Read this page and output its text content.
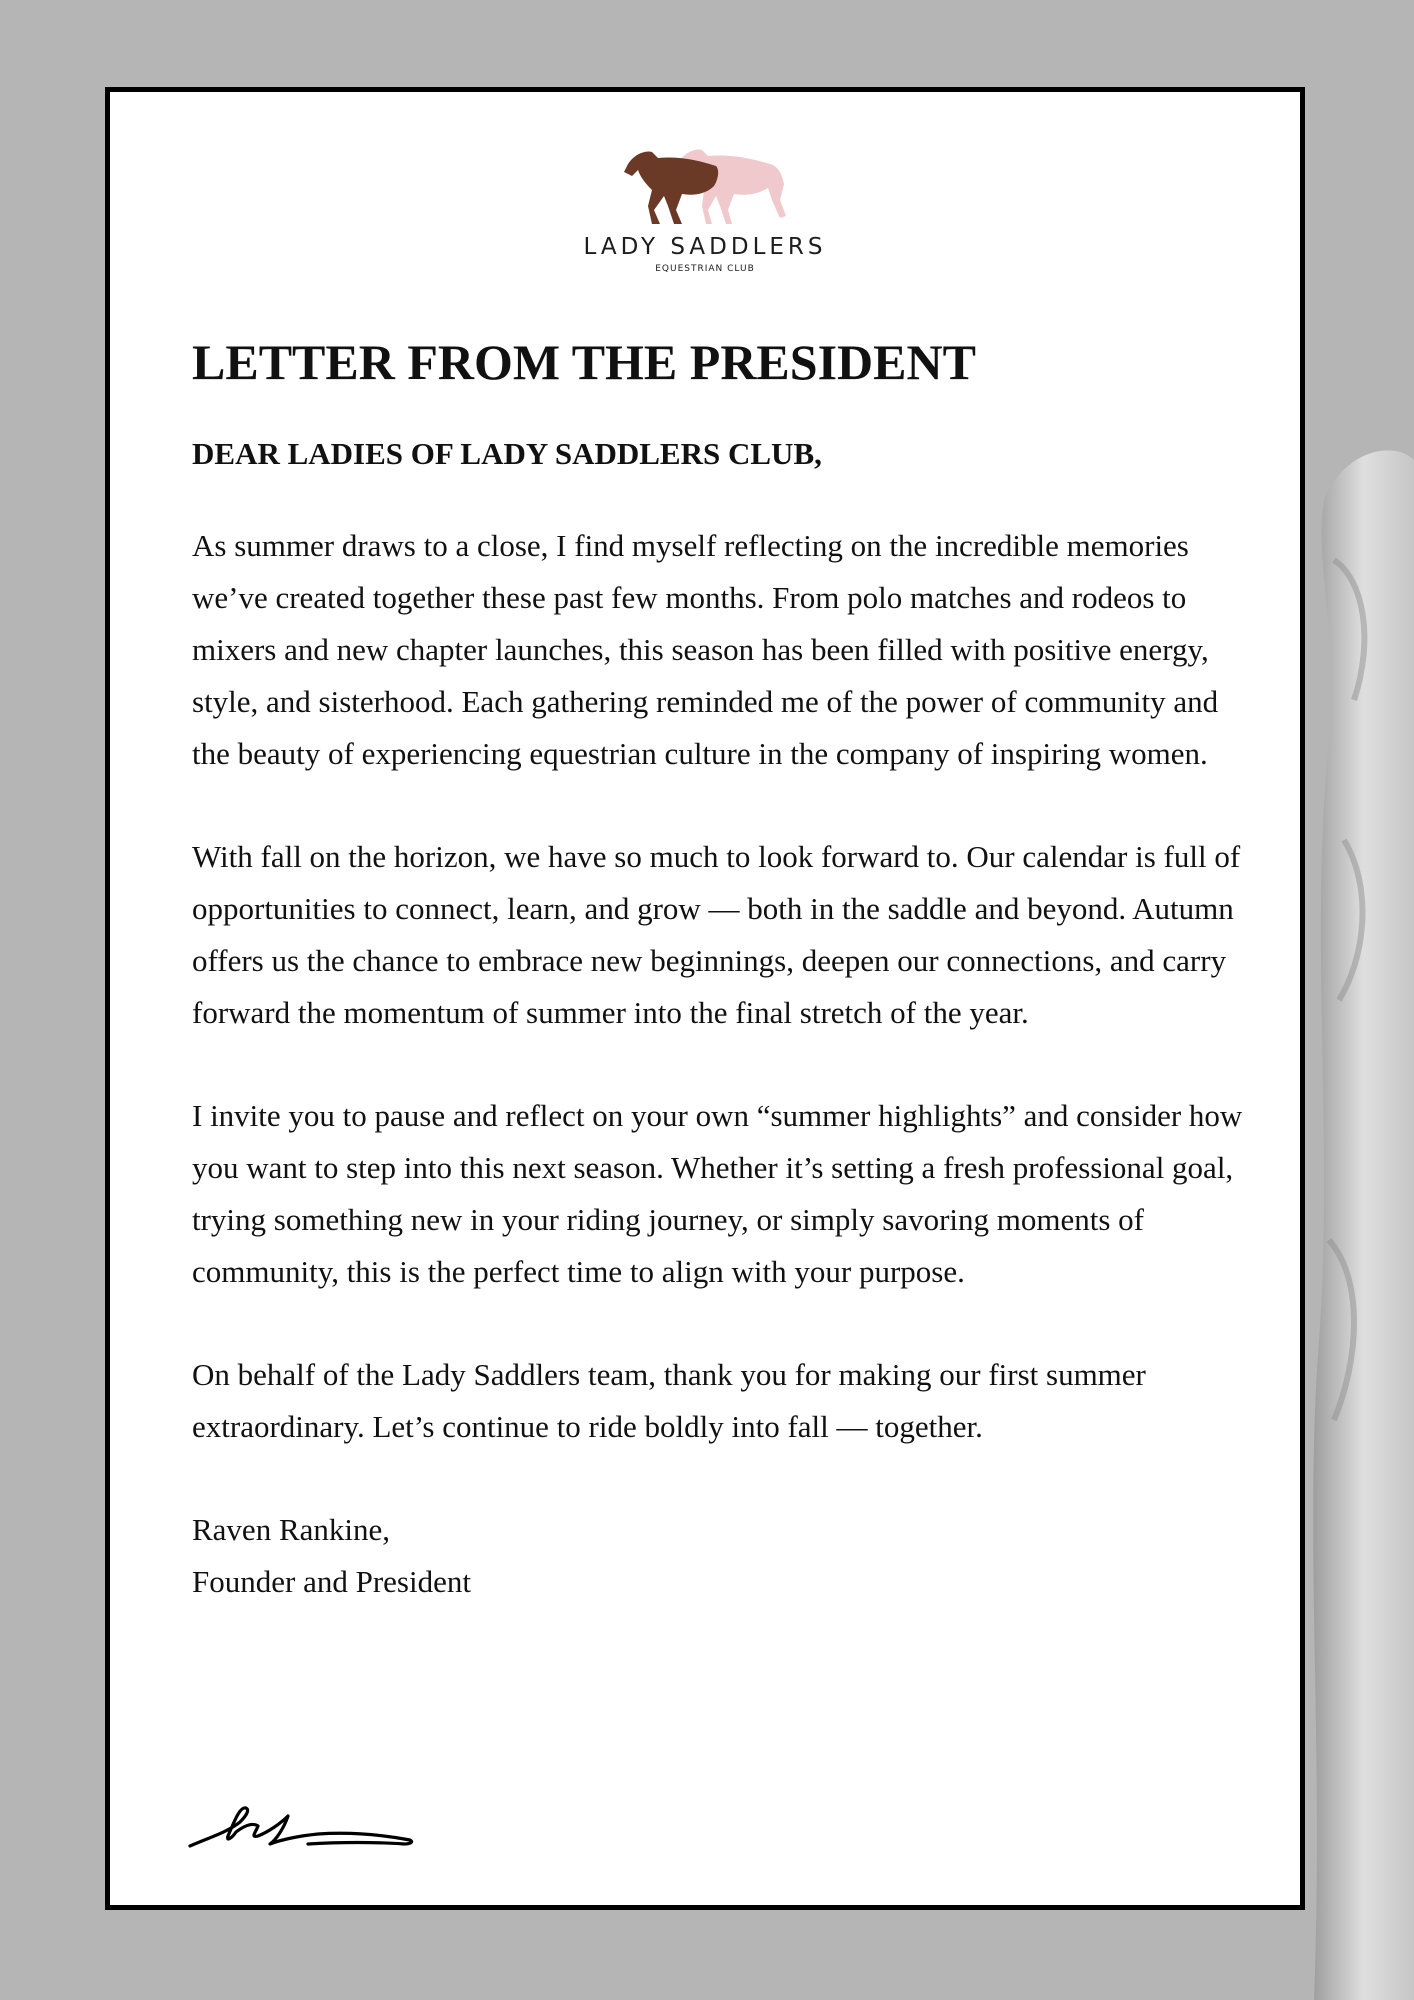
LADY SADDLERS
EQUESTRIAN CLUB
LETTER FROM THE PRESIDENT

DEAR LADIES OF LADY SADDLERS CLUB,

As summer draws to a close, I find myself reflecting on the incredible memories we’ve created together these past few months. From polo matches and rodeos to mixers and new chapter launches, this season has been filled with positive energy, style, and sisterhood. Each gathering reminded me of the power of community and the beauty of experiencing equestrian culture in the company of inspiring women.

With fall on the horizon, we have so much to look forward to. Our calendar is full of opportunities to connect, learn, and grow — both in the saddle and beyond. Autumn offers us the chance to embrace new beginnings, deepen our connections, and carry forward the momentum of summer into the final stretch of the year.

I invite you to pause and reflect on your own “summer highlights” and consider how you want to step into this next season. Whether it’s setting a fresh professional goal, trying something new in your riding journey, or simply savoring moments of community, this is the perfect time to align with your purpose.

On behalf of the Lady Saddlers team, thank you for making our first summer extraordinary. Let’s continue to ride boldly into fall — together.

Raven Rankine,
Founder and President
